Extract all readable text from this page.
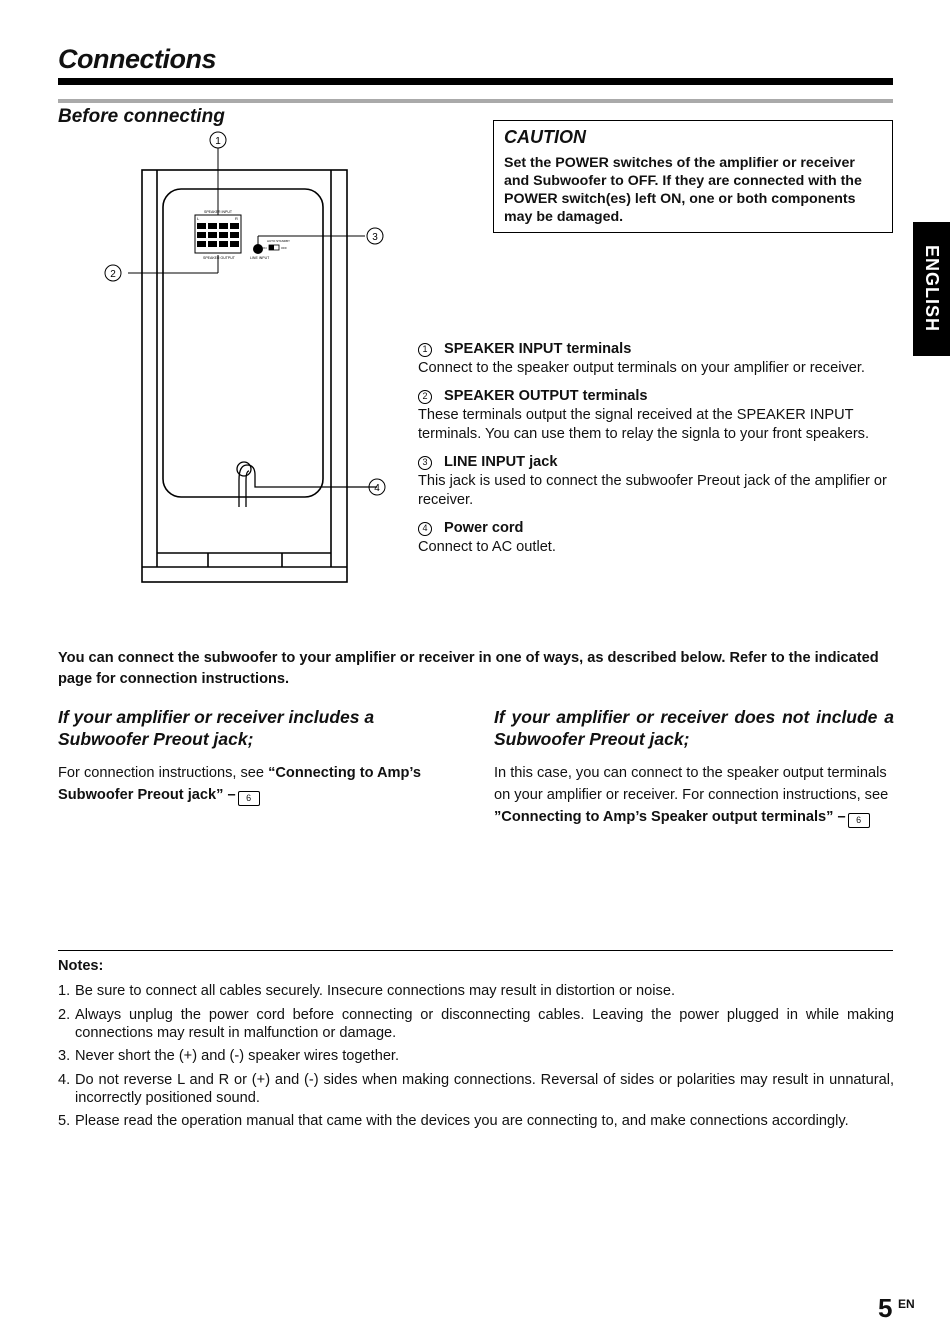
Connections
Before connecting

CAUTION

Set the POWER switches of the amplifier or receiver and Subwoofer to OFF. If they are connected with the POWER switch(es) left ON, one or both components may be damaged.

ENGLISH
SPEAKER INPUT
SPEAKER OUTPUT
L	R
LINE INPUT
AUTO STANDBY
ON	OFF
1
2
3
4
1	SPEAKER INPUT terminals
Connect to the speaker output terminals on your amplifier or receiver.
2	SPEAKER OUTPUT terminals
These terminals output the signal received at the SPEAKER INPUT terminals. You can use them to relay the signla to your front speakers.
3	LINE INPUT jack
This jack is used to connect the subwoofer Preout jack of the amplifier or receiver.
4	Power cord
Connect to AC outlet.
You can connect the subwoofer to your amplifier or receiver in one of ways, as described below. Refer to the indicated page for connection instructions.

If your amplifier or receiver includes a Subwoofer Preout jack;

For connection instructions, see “Connecting to Amp’s Subwoofer Preout jack” – 6

If your amplifier or receiver does not include a Subwoofer Preout jack;

In this case, you can connect to the speaker output terminals on your amplifier or receiver. For connection instructions, see ”Connecting to Amp’s Speaker output terminals” – 6

Notes:
1. Be sure to connect all cables securely. Insecure connections may result in distortion or noise.
2. Always unplug the power cord before connecting or disconnecting cables. Leaving the power plugged in while making connections may result in malfunction or damage.
3. Never short the (+) and (-) speaker wires together.
4. Do not reverse L and R or (+) and (-) sides when making connections. Reversal of sides or polarities may result in unnatural, incorrectly positioned sound.
5. Please read the operation manual that came with the devices you are connecting to, and make connections accordingly.
5 EN
